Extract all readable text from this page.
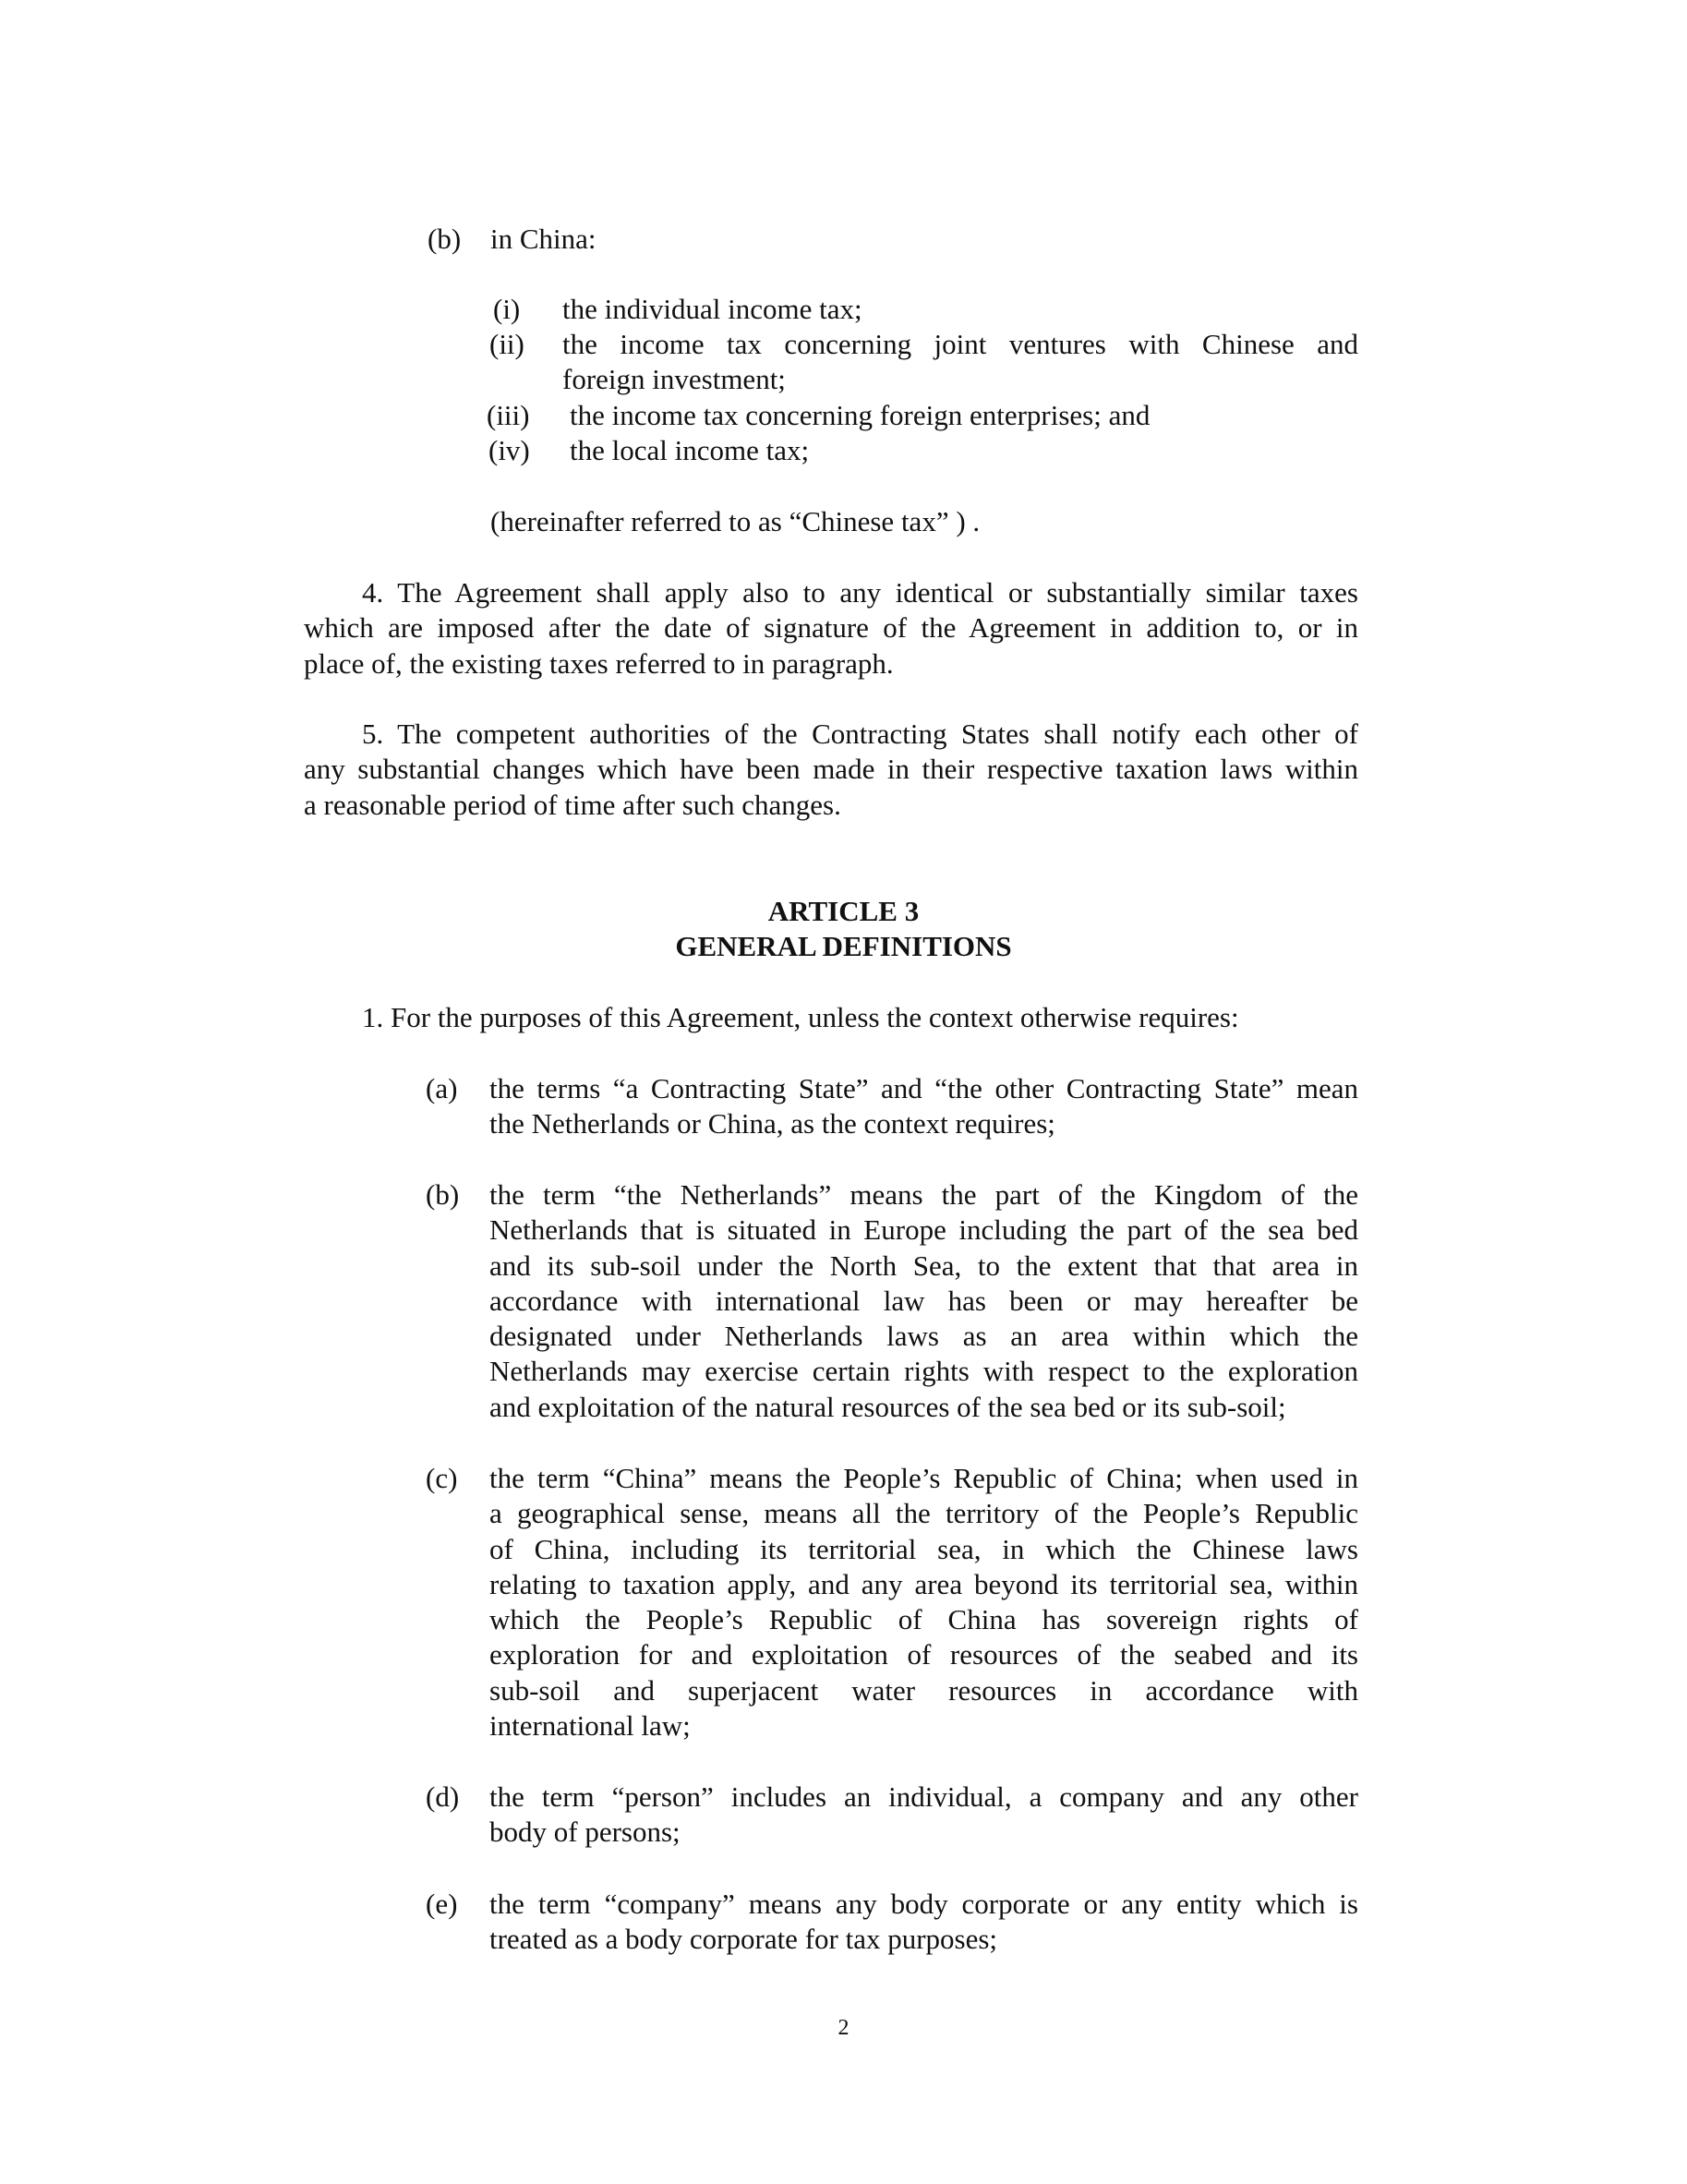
(b) in China:
(i) the individual income tax;
(ii) the income tax concerning joint ventures with Chinese and
foreign investment;
(iii) the income tax concerning foreign enterprises; and
(iv) the local income tax;
(hereinafter referred to as “Chinese tax” ) .
4. The Agreement shall apply also to any identical or substantially similar taxes
which are imposed after the date of signature of the Agreement in addition to, or in
place of, the existing taxes referred to in paragraph.
5. The competent authorities of the Contracting States shall notify each other of
any substantial changes which have been made in their respective taxation laws within
a reasonable period of time after such changes.
ARTICLE 3
GENERAL DEFINITIONS
1. For the purposes of this Agreement, unless the context otherwise requires:
(a) the terms “a Contracting State” and “the other Contracting State” mean
the Netherlands or China, as the context requires;
(b) the term “the Netherlands” means the part of the Kingdom of the
Netherlands that is situated in Europe including the part of the sea bed
and its sub-soil under the North Sea, to the extent that that area in
accordance with international law has been or may hereafter be
designated under Netherlands laws as an area within which the
Netherlands may exercise certain rights with respect to the exploration
and exploitation of the natural resources of the sea bed or its sub-soil;
(c) the term “China” means the People’s Republic of China; when used in
a geographical sense, means all the territory of the People’s Republic
of China, including its territorial sea, in which the Chinese laws
relating to taxation apply, and any area beyond its territorial sea, within
which the People’s Republic of China has sovereign rights of
exploration for and exploitation of resources of the seabed and its
sub-soil and superjacent water resources in accordance with
international law;
(d) the term “person” includes an individual, a company and any other
body of persons;
(e) the term “company” means any body corporate or any entity which is
treated as a body corporate for tax purposes;
2
